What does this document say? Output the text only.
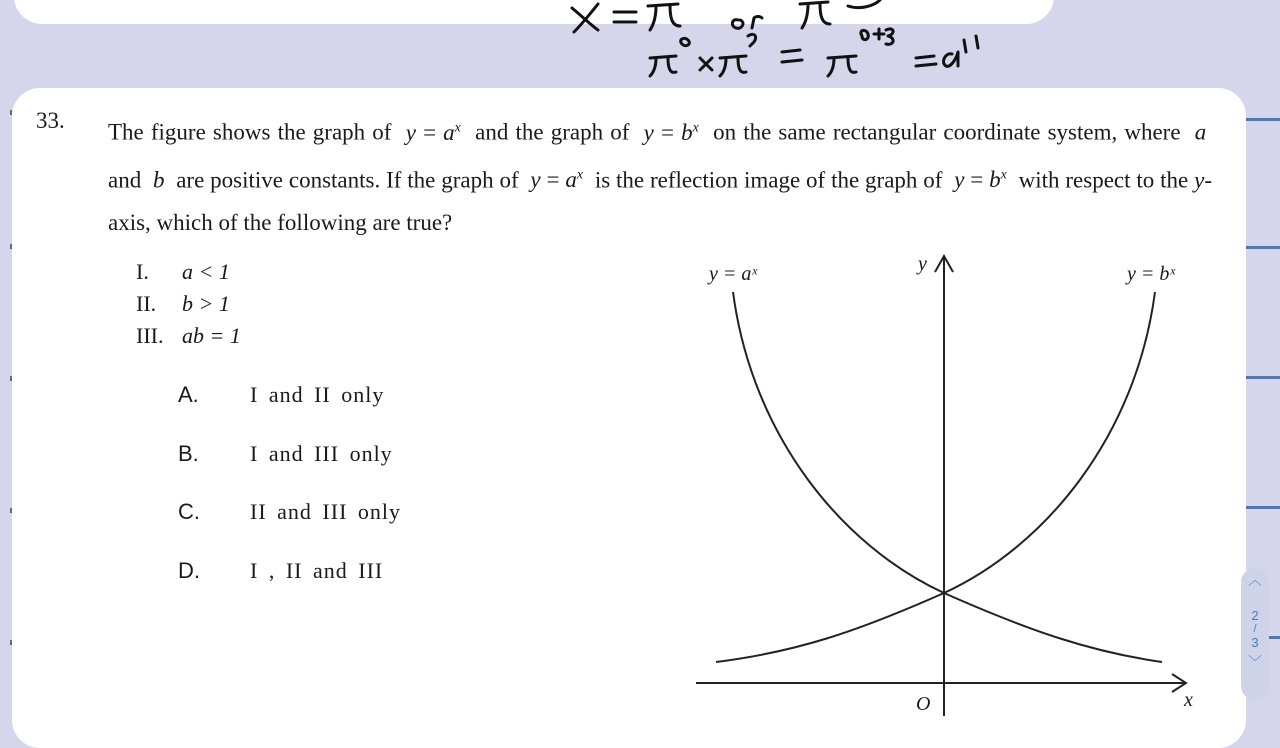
33. The figure shows the graph of $y = a^x$ and the graph of $y = b^x$ on the same rectangular coordinate system, where a  and b are positive constants. If the graph of $y = a^x$ is the reflection image of the graph of $y = b^x$ with respect to the y-axis, which of the following are true?
I.	a < 1
II.	b > 1
III. ab = 1
A.	I and II only
B.	I and III only
C.	II and III only
D.	I , II and III
y = aˣ	y = bˣ
y
x
O
︿
2
/
3
﹀
